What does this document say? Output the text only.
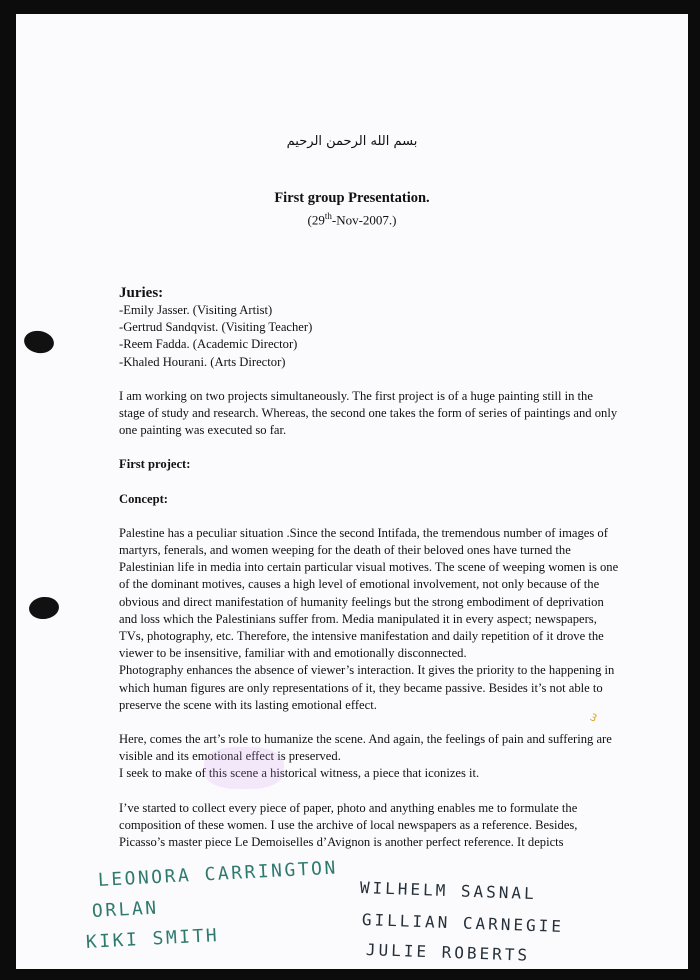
بسم الله الرحمن الرحيم
First group Presentation.
(29th-Nov-2007.)
Juries:
-Emily Jasser. (Visiting Artist)
-Gertrud Sandqvist. (Visiting Teacher)
-Reem Fadda. (Academic Director)
-Khaled Hourani. (Arts Director)

I am working on two projects simultaneously. The first project is of a huge painting still in the stage of study and research. Whereas, the second one takes the form of series of paintings and only one painting was executed so far.

First project:

Concept:

Palestine has a peculiar situation .Since the second Intifada, the tremendous number of images of martyrs, fenerals, and women weeping for the death of their beloved ones have turned the Palestinian life in media into certain particular visual motives. The scene of weeping women is one of the dominant motives, causes a high level of emotional involvement, not only because of the obvious and direct manifestation of humanity feelings but the strong embodiment of deprivation and loss which the Palestinians suffer from. Media manipulated it in every aspect; newspapers, TVs, photography, etc. Therefore, the intensive manifestation and daily repetition of it drove the viewer to be insensitive, familiar with and emotionally disconnected.

Photography enhances the absence of viewer’s interaction. It gives the priority to the happening in which human figures are only representations of it, they became passive. Besides it’s not able to preserve the scene with its lasting emotional effect.

Here, comes the art’s role to humanize the scene. And again, the feelings of pain and suffering are visible and its emotional effect is preserved.

I seek to make of this scene a historical witness, a piece that iconizes it.

I’ve started to collect every piece of paper, photo and anything enables me to formulate the composition of these women. I use the archive of local newspapers as a reference. Besides, Picasso’s master piece Le Demoiselles d’Avignon is another perfect reference. It depicts

3
LEONORA CARRINGTON
ORLAN
KIKI SMITH
WILHELM SASNAL
GILLIAN CARNEGIE
JULIE ROBERTS
